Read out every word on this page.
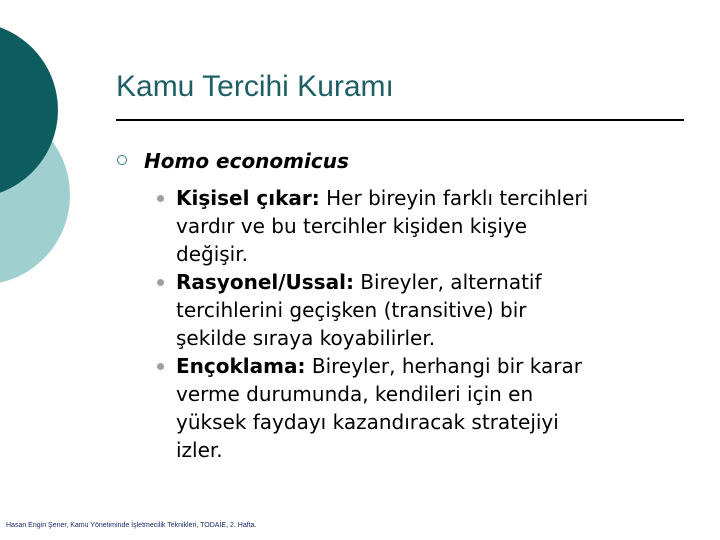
Kamu Tercihi Kuramı
Homo economicus
Kişisel çıkar: Her bireyin farklı tercihleri
vardır ve bu tercihler kişiden kişiye
değişir.
Rasyonel/Ussal: Bireyler, alternatif
tercihlerini geçişken (transitive) bir
şekilde sıraya koyabilirler.
Ençoklama: Bireyler, herhangi bir karar
verme durumunda, kendileri için en
yüksek faydayı kazandıracak stratejiyi
izler.
Hasan Engin Şener, Kamu Yönetiminde İşletmecilik Teknikleri, TODAİE, 2. Hafta.
